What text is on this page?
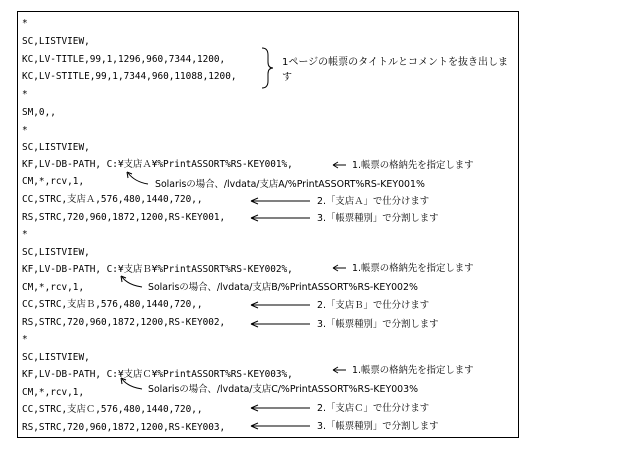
*
SC,LISTVIEW,
KC,LV-TITLE,99,1,1296,960,7344,1200,
KC,LV-STITLE,99,1,7344,960,11088,1200,
*
SM,0,,
*
SC,LISTVIEW,
KF,LV-DB-PATH, C:¥支店Ａ¥%PrintASSORT%RS-KEY001%,
CM,*,rcv,1,
CC,STRC,支店Ａ,576,480,1440,720,,
RS,STRC,720,960,1872,1200,RS-KEY001,
*
SC,LISTVIEW,
KF,LV-DB-PATH, C:¥支店Ｂ¥%PrintASSORT%RS-KEY002%,
CM,*,rcv,1,
CC,STRC,支店Ｂ,576,480,1440,720,,
RS,STRC,720,960,1872,1200,RS-KEY002,
*
SC,LISTVIEW,
KF,LV-DB-PATH, C:¥支店Ｃ¥%PrintASSORT%RS-KEY003%,
CM,*,rcv,1,
CC,STRC,支店Ｃ,576,480,1440,720,,
RS,STRC,720,960,1872,1200,RS-KEY003,
1ページの帳票のタイトルとコメントを抜き出します
1.帳票の格納先を指定します
Solarisの場合、/lvdata/支店A/%PrintASSORT%RS-KEY001%
2.「支店Ａ」で仕分けます
3.「帳票種別」で分割します
1.帳票の格納先を指定します
Solarisの場合、/lvdata/支店B/%PrintASSORT%RS-KEY002%
2.「支店Ｂ」で仕分けます
3.「帳票種別」で分割します
1.帳票の格納先を指定します
Solarisの場合、/lvdata/支店C/%PrintASSORT%RS-KEY003%
2.「支店Ｃ」で仕分けます
3.「帳票種別」で分割します
